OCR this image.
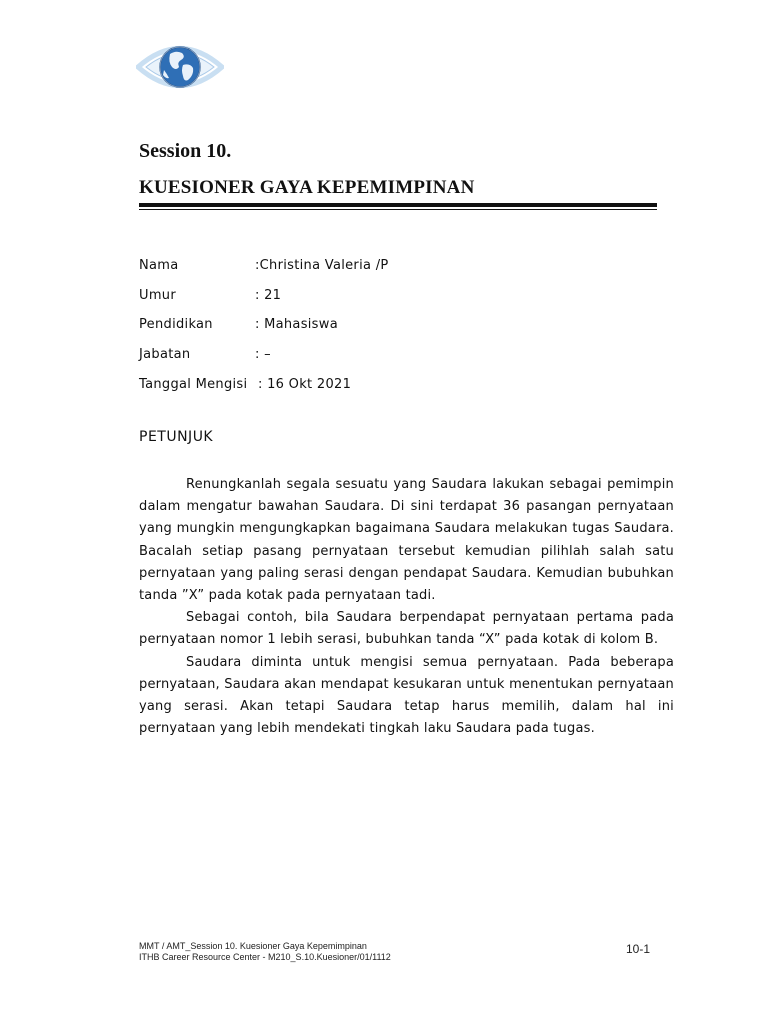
Session 10.
KUESIONER GAYA KEPEMIMPINAN
Nama	:Christina Valeria /P
Umur	: 21
Pendidikan	: Mahasiswa
Jabatan	: –
Tanggal Mengisi : 16 Okt 2021
PETUNJUK

Renungkanlah segala sesuatu yang Saudara lakukan sebagai pemimpin dalam mengatur bawahan Saudara. Di sini terdapat 36 pasangan pernyataan yang mungkin mengungkapkan bagaimana Saudara melakukan tugas Saudara. Bacalah setiap pasang pernyataan tersebut kemudian pilihlah salah satu pernyataan yang paling serasi dengan pendapat Saudara. Kemudian bubuhkan tanda ”X” pada kotak pada pernyataan tadi.

Sebagai contoh, bila Saudara berpendapat pernyataan pertama pada pernyataan nomor 1 lebih serasi, bubuhkan tanda “X” pada kotak di kolom B.

Saudara diminta untuk mengisi semua pernyataan. Pada beberapa pernyataan, Saudara akan mendapat kesukaran untuk menentukan pernyataan yang serasi. Akan tetapi Saudara tetap harus memilih, dalam hal ini pernyataan yang lebih mendekati tingkah laku Saudara pada tugas.

MMT / AMT_Session 10. Kuesioner Gaya Kepemimpinan
ITHB Career Resource Center - M210_S.10.Kuesioner/01/1112
10-1
